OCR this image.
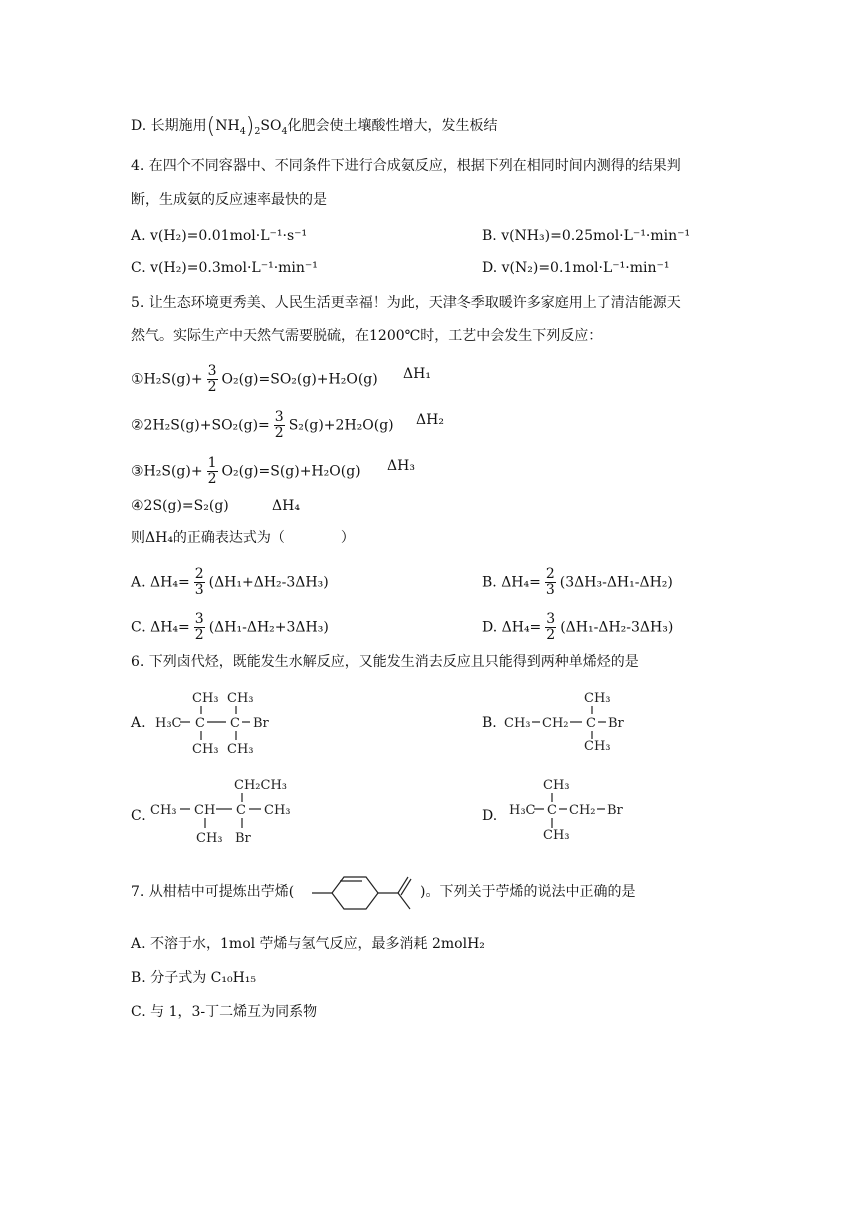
D. 长期施用$(NH_4)_2SO_4$化肥会使土壤酸性增大，发生板结
4. 在四个不同容器中、不同条件下进行合成氨反应，根据下列在相同时间内测得的结果判
断，生成氨的反应速率最快的是
A. v(H₂)=0.01mol·L⁻¹·s⁻¹	B. v(NH₃)=0.25mol·L⁻¹·min⁻¹
C. v(H₂)=0.3mol·L⁻¹·min⁻¹	D. v(N₂)=0.1mol·L⁻¹·min⁻¹
5. 让生态环境更秀美、人民生活更幸福！为此，天津冬季取暖许多家庭用上了清洁能源天
然气。实际生产中天然气需要脱硫，在1200℃时，工艺中会发生下列反应：
①H₂S(g)+ $\frac{3}{2} O_2(g)=SO_2(g)+H_2O(g)$ ΔH₁
②2H₂S(g)+SO₂(g)= $\frac{3}{2} S_2(g)+2H_2O(g)$ ΔH₂
③H₂S(g)+ $\frac{1}{2} O_2(g)=S(g)+H_2O(g)$ ΔH₃
④2S(g)=S₂(g)	ΔH₄
则ΔH₄的正确表达式为（　　　　）
A. $\Delta H_4= \frac{2}{3} (\Delta H_1+\Delta H_2-3\Delta H_3)$	B. $\Delta H_4= \frac{2}{3} (3\Delta H_3-\Delta H_1-\Delta H_2)$
C. $\Delta H_4= \frac{3}{2} (\Delta H_1-\Delta H_2+3\Delta H_3)$	D. $\Delta H_4= \frac{3}{2} (\Delta H_1-\Delta H_2-3\Delta H_3)$
6. 下列卤代烃，既能发生水解反应，又能发生消去反应且只能得到两种单烯烃的是
A.
CH₃ CH₃
H₃C C C Br
CH₃ CH₃
B.
CH₃
CH₃ CH₂ C Br
CH₃
C.
CH₂CH₃
CH₃ CH C CH₃
CH₃ Br
D.
CH₃
H₃C C CH₂ Br
CH₃
7. 从柑桔中可提炼出苧烯(	)。下列关于苧烯的说法中正确的是
A. 不溶于水，1mol 苧烯与氢气反应，最多消耗 2molH₂
B. 分子式为 C₁₀H₁₅
C. 与 1，3-丁二烯互为同系物
